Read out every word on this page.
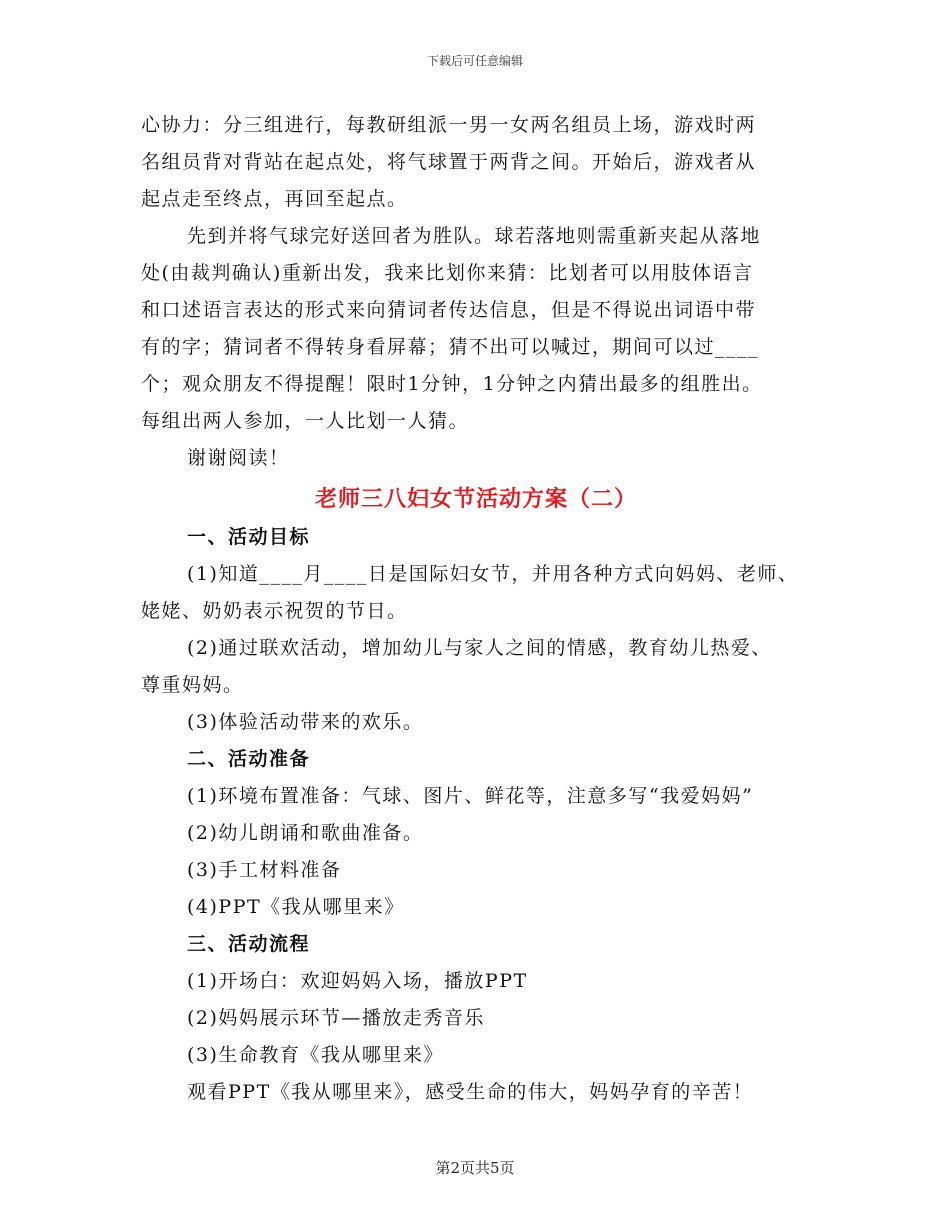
下载后可任意编辑
心协力：分三组进行，每教研组派一男一女两名组员上场，游戏时两
名组员背对背站在起点处，将气球置于两背之间。开始后，游戏者从
起点走至终点，再回至起点。
先到并将气球完好送回者为胜队。球若落地则需重新夹起从落地
处(由裁判确认)重新出发，我来比划你来猜：比划者可以用肢体语言
和口述语言表达的形式来向猜词者传达信息，但是不得说出词语中带
有的字；猜词者不得转身看屏幕；猜不出可以喊过，期间可以过____
个；观众朋友不得提醒！限时1分钟，1分钟之内猜出最多的组胜出。
每组出两人参加，一人比划一人猜。
谢谢阅读！
老师三八妇女节活动方案（二）
一、活动目标
(1)知道____月____日是国际妇女节，并用各种方式向妈妈、老师、
姥姥、奶奶表示祝贺的节日。
(2)通过联欢活动，增加幼儿与家人之间的情感，教育幼儿热爱、
尊重妈妈。
(3)体验活动带来的欢乐。
二、活动准备
(1)环境布置准备：气球、图片、鲜花等，注意多写“我爱妈妈”
(2)幼儿朗诵和歌曲准备。
(3)手工材料准备
(4)PPT《我从哪里来》
三、活动流程
(1)开场白：欢迎妈妈入场，播放PPT
(2)妈妈展示环节—播放走秀音乐
(3)生命教育《我从哪里来》
观看PPT《我从哪里来》，感受生命的伟大，妈妈孕育的辛苦！
第2页共5页
